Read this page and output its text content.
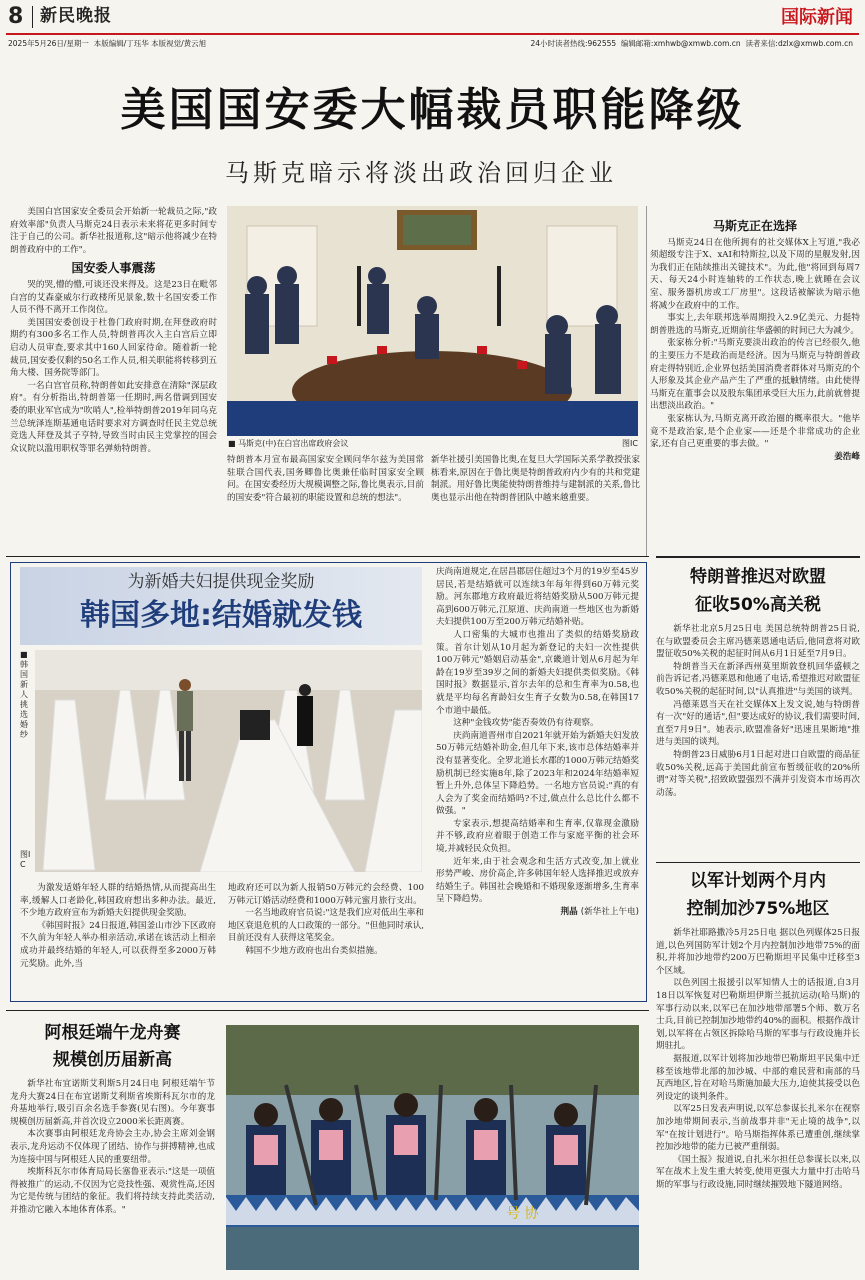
8 新民晚报	国际新闻
2025年5月26日/星期一 本版编辑/丁珏华 本版视觉/黄云旭	24小时读者热线:962555 编辑邮箱:xmhwb@xmwb.com.cn 读者来信:dzlx@xmwb.com.cn
美国国安委大幅裁员职能降级
马斯克暗示将淡出政治回归企业

美国白宫国家安全委员会开始新一轮裁员之际,"政府效率部"负责人马斯克24日表示未来将花更多时间专注于自己的公司。新华社报道称,这"暗示他将减少在特朗普政府中的工作"。

国安委人事震荡

哭的哭,懵的懵,可谈还没来得及。这是23日在毗邻白宫的艾森豪威尔行政楼所见景象,数十名国安委工作人员不得不离开工作岗位。

美国国安委创设于杜鲁门政府时期,在拜登政府时期约有300多名工作人员,特朗普再次入主白宫后立即启动人员审查,要求其中160人回家待命。随着新一轮裁员,国安委仅剩约50名工作人员,相关职能将转移到五角大楼、国务院等部门。

一名白宫官员称,特朗普如此安排意在清除"深层政府"。有分析指出,特朗普第一任期时,两名借调到国安委的职业军官成为"吹哨人",检举特朗普2019年同乌克兰总统泽连斯基通电话时要求对方调查时任民主党总统竞选人拜登及其子亨特,导致当时由民主党掌控的国会众议院以滥用职权等罪名弹劾特朗普。

■ 马斯克(中)在白宫出席政府会议	图IC

特朗普本月宣布最高国家安全顾问华尔兹为美国常驻联合国代表,国务卿鲁比奥兼任临时国家安全顾问。在国安委经历大规模调整之际,鲁比奥表示,目前的国安委"符合最初的职能设置和总统的想法"。

新华社援引美国鲁比奥,在复旦大学国际关系学教授张家栋看来,原因在于鲁比奥是特朗普政府内少有的共和党建制派。用好鲁比奥能使特朗普维持与建制派的关系,鲁比奥也显示出他在特朗普团队中越来越重要。

马斯克正在选择

马斯克24日在他所拥有的社交媒体X上写道,"我必须超级专注于X、xAI和特斯拉,以及下周的星舰发射,因为我们正在陆续推出关键技术"。为此,他"将回到每周7天、每天24小时连轴转的工作状态,晚上就睡在会议室、服务器机房或工厂房里"。这段话被解读为暗示他将减少在政府中的工作。

事实上,去年联邦选举周期投入2.9亿美元、力挺特朗普胜选的马斯克,近期前往华盛顿的时间已大为减少。

张家栋分析:"马斯克要淡出政治的传言已经很久,他的主要压力不是政治而是经济。因为马斯克与特朗普政府走得特别近,企业界包括美国消费者群体对马斯克的个人形象及其企业产品产生了严重的抵触情绪。由此使得马斯克在董事会以及股东集团承受巨大压力,此前就曾提出想淡出政治。"

张家栋认为,马斯克离开政治圈的概率很大。"他毕竟不是政治家,是个企业家——还是个非常成功的企业家,还有自己更重要的事去做。"

姜浩峰
为新婚夫妇提供现金奖励
韩国多地:结婚就发钱
■韩国新人挑选婚纱
图IC

为激发适婚年轻人群的结婚热情,从而提高出生率,缓解人口老龄化,韩国政府想出多种办法。最近,不少地方政府宣布为新婚夫妇提供现金奖励。

《韩国时报》24日报道,韩国釜山市沙下区政府不久前为年轻人举办相亲活动,承诺在该活动上相亲成功并最终结婚的年轻人,可以获得至多2000万韩元奖励。此外,当

地政府还可以为新人报销50万韩元约会经费、100万韩元订婚活动经费和1000万韩元蜜月旅行支出。

一名当地政府官员说:"这是我们应对低出生率和地区衰退危机的人口政策的一部分。"但他同时承认,目前还没有人获得这笔奖金。

韩国不少地方政府也出台类似措施。

庆尚南道规定,在居昌郡居住超过3个月的19岁至45岁居民,若是结婚就可以连续3年每年得到60万韩元奖励。河东郡地方政府最近将结婚奖励从500万韩元提高到600万韩元,江原道、庆尚南道一些地区也为新婚夫妇提供100万至200万韩元结婚补贴。

人口密集的大城市也推出了类似的结婚奖励政策。首尔计划从10月起为新登记的夫妇一次性提供100万韩元"婚姻启动基金",京畿道计划从6月起为年龄在19岁至39岁之间的新婚夫妇提供类似奖励。《韩国时报》数据显示,首尔去年的总和生育率为0.58,也就是平均每名育龄妇女生育子女数为0.58,在韩国17个市道中最低。

这种"金钱攻势"能否奏效仍有待观察。

庆尚南道晋州市自2021年就开始为新婚夫妇发放50万韩元结婚补助金,但几年下来,该市总体结婚率并没有显著变化。全罗北道长水郡的1000万韩元结婚奖励机制已经实施8年,除了2023年和2024年结婚率短暂上升外,总体呈下降趋势。一名地方官员说:"真的有人会为了奖金而结婚吗?不过,做点什么总比什么都不做强。"

专家表示,想提高结婚率和生育率,仅靠现金激励并不够,政府应着眼于创造工作与家庭平衡的社会环境,并减轻民众负担。

近年来,由于社会观念和生活方式改变,加上就业形势严峻、房价高企,许多韩国年轻人选择推迟或放弃结婚生子。韩国社会晚婚和不婚现象逐渐增多,生育率呈下降趋势。

荆晶 (新华社上午电)
特朗普推迟对欧盟
征收50%高关税

新华社北京5月25日电 美国总统特朗普25日说,在与欧盟委员会主席冯德莱恩通电话后,他同意将对欧盟征收50%关税的起征时间从6月1日延至7月9日。

特朗普当天在新泽西州莫里斯敦登机回华盛顿之前告诉记者,冯德莱恩和他通了电话,希望推迟对欧盟征收50%关税的起征时间,以"认真推进"与美国的谈判。

冯德莱恩当天在社交媒体X上发文说,她与特朗普有一次"好的通话",但"要达成好的协议,我们需要时间,直至7月9日"。她表示,欧盟准备好"迅速且果断地"推进与美国的谈判。

特朗普23日威胁6月1日起对进口自欧盟的商品征收50%关税,远高于美国此前宣布暂缓征收的20%所谓"对等关税",招致欧盟强烈不满并引发资本市场再次动荡。

以军计划两个月内
控制加沙75%地区

新华社耶路撒冷5月25日电 据以色列媒体25日报道,以色列国防军计划2个月内控制加沙地带75%的面积,并将加沙地带约200万巴勒斯坦平民集中迁移至3个区域。

以色列国土报援引以军知情人士的话报道,自3月18日以军恢复对巴勒斯坦伊斯兰抵抗运动(哈马斯)的军事行动以来,以军已在加沙地带部署5个师、数万名士兵,目前已控制加沙地带约40%的面积。根据作战计划,以军将在占领区拆除哈马斯的军事与行政设施并长期驻扎。

据报道,以军计划将加沙地带巴勒斯坦平民集中迁移至该地带北部的加沙城、中部的难民营和南部的马瓦西地区,旨在对哈马斯施加最大压力,迫使其接受以色列设定的谈判条件。

以军25日发表声明说,以军总参谋长扎米尔在视察加沙地带期间表示,当前战事并非"无止境的战争",以军"在按计划进行"。哈马斯指挥体系已遭重创,继续掌控加沙地带的能力已被严重削弱。

《国土报》报道说,自扎米尔担任总参谋长以来,以军在战术上发生重大转变,使用更强大力量中打击哈马斯的军事与行政设施,同时继续摧毁地下隧道网络。

阿根廷端午龙舟赛
规模创历届新高

新华社布宜诺斯艾利斯5月24日电 阿根廷端午节龙舟大赛24日在布宜诺斯艾利斯省埃斯科瓦尔市的龙舟基地举行,吸引百余名选手参赛(见右图)。今年赛事规模创历届新高,并首次设立2000米长距离赛。

本次赛事由阿根廷龙舟协会主办,协会主席刘金钢表示,龙舟运动不仅体现了团结、协作与拼搏精神,也成为连接中国与阿根廷人民的重要纽带。

埃斯科瓦尔市体育局局长塞鲁亚表示:"这是一项值得被推广的运动,不仅因为它竞技性强、观赏性高,还因为它是传统与团结的象征。我们将持续支持此类活动,并推动它融入本地体育体系。"	号 协
